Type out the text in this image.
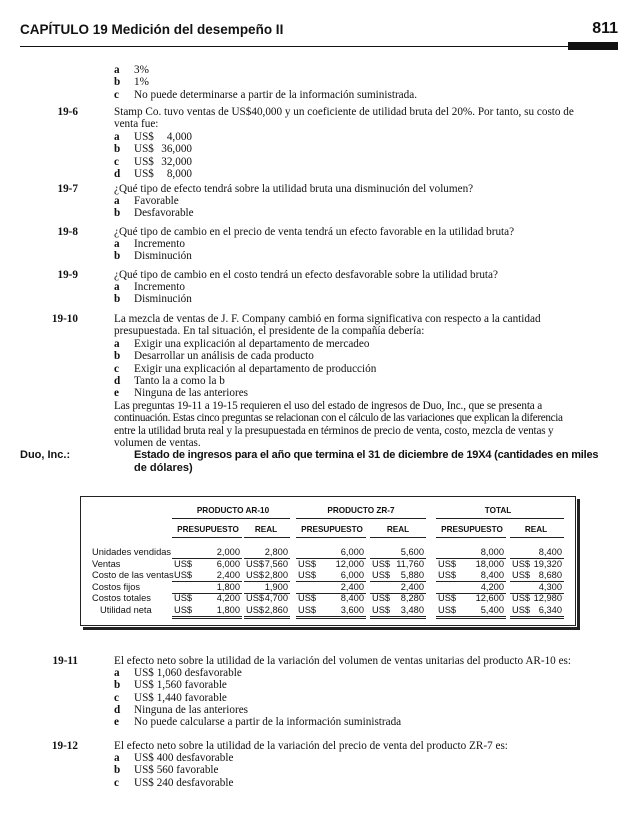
CAPÍTULO 19 Medición del desempeño II	811
a	3%
b	1%
c	No puede determinarse a partir de la información suministrada.
19-6	Stamp Co. tuvo ventas de US$40,000 y un coeficiente de utilidad bruta del 20%. Por tanto, su costo de
venta fue:
a	US$	4,000
b	US$ 36,000
c	US$ 32,000
d	US$	8,000
19-7	¿Qué tipo de efecto tendrá sobre la utilidad bruta una disminución del volumen?
a	Favorable
b	Desfavorable
19-8	¿Qué tipo de cambio en el precio de venta tendrá un efecto favorable en la utilidad bruta?
a	Incremento
b	Disminución
19-9	¿Qué tipo de cambio en el costo tendrá un efecto desfavorable sobre la utilidad bruta?
a	Incremento
b	Disminución
19-10	La mezcla de ventas de J. F. Company cambió en forma significativa con respecto a la cantidad
presupuestada. En tal situación, el presidente de la compañía debería:
a	Exigir una explicación al departamento de mercadeo
b	Desarrollar un análisis de cada producto
c	Exigir una explicación al departamento de producción
d	Tanto la a como la b
e	Ninguna de las anteriores
Las preguntas 19-11 a 19-15 requieren el uso del estado de ingresos de Duo, Inc., que se presenta a
continuación. Estas cinco preguntas se relacionan con el cálculo de las variaciones que explican la diferencia
entre la utilidad bruta real y la presupuestada en términos de precio de venta, costo, mezcla de ventas y
volumen de ventas.
Duo, Inc.:	Estado de ingresos para el año que termina el 31 de diciembre de 19X4 (cantidades en miles
de dólares)
PRODUCTO AR-10	PRODUCTO ZR-7	TOTAL
PRESUPUESTO	REAL	PRESUPUESTO	REAL	PRESUPUESTO	REAL
Unidades vendidas	2,000	2,800	6,000	5,600	8,000	8,400
Ventas	US$	6,000 US$ 7,560 US$ 12,000 US$ 11,760 US$ 18,000 US$ 19,320
Costo de las ventas US$	2,400 US$ 2,800 US$	6,000 US$ 5,880 US$	8,400 US$ 8,680
Costos fijos	1,800	1,900	2,400	2,400	4,200	4,300
Costos totales US$	4,200 US$ 4,700 US$	8,400 US$ 8,280 US$ 12,600 US$ 12,980
Utilidad neta US$	1,800 US$ 2,860 US$	3,600 US$ 3,480 US$	5,400 US$ 6,340
19-11	El efecto neto sobre la utilidad de la variación del volumen de ventas unitarias del producto AR-10 es:
a	US$ 1,060 desfavorable
b	US$ 1,560 favorable
c	US$ 1,440 favorable
d	Ninguna de las anteriores
e	No puede calcularse a partir de la información suministrada
19-12	El efecto neto sobre la utilidad de la variación del precio de venta del producto ZR-7 es:
a	US$ 400 desfavorable
b	US$ 560 favorable
c	US$ 240 desfavorable
